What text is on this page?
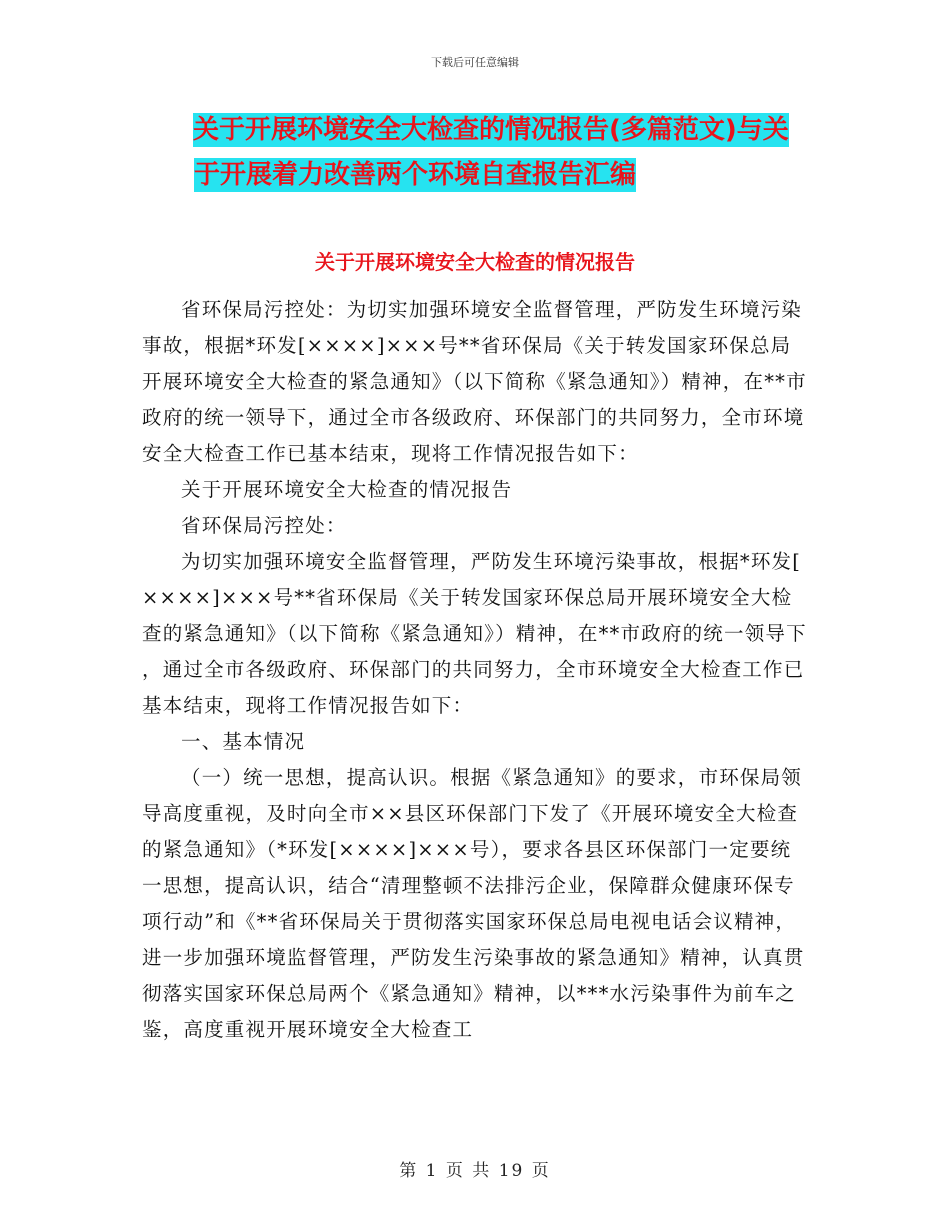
下载后可任意编辑
关于开展环境安全大检查的情况报告(多篇范文)与关
于开展着力改善两个环境自查报告汇编
关于开展环境安全大检查的情况报告

省环保局污控处：为切实加强环境安全监督管理，严防发生环境污染事故，根据*环发[××××]×××号**省环保局《关于转发国家环保总局开展环境安全大检查的紧急通知》（以下简称《紧急通知》）精神，在**市政府的统一领导下，通过全市各级政府、环保部门的共同努力，全市环境安全大检查工作已基本结束，现将工作情况报告如下：

关于开展环境安全大检查的情况报告

省环保局污控处：

为切实加强环境安全监督管理，严防发生环境污染事故，根据*环发[××××]×××号**省环保局《关于转发国家环保总局开展环境安全大检查的紧急通知》（以下简称《紧急通知》）精神，在**市政府的统一领导下，通过全市各级政府、环保部门的共同努力，全市环境安全大检查工作已基本结束，现将工作情况报告如下：

一、基本情况

（一）统一思想，提高认识。根据《紧急通知》的要求，市环保局领导高度重视，及时向全市××县区环保部门下发了《开展环境安全大检查的紧急通知》（*环发[××××]×××号），要求各县区环保部门一定要统一思想，提高认识，结合“清理整顿不法排污企业，保障群众健康环保专项行动”和《**省环保局关于贯彻落实国家环保总局电视电话会议精神，进一步加强环境监督管理，严防发生污染事故的紧急通知》精神，认真贯彻落实国家环保总局两个《紧急通知》精神，以***水污染事件为前车之鉴，高度重视开展环境安全大检查工

第 1 页 共 19 页
